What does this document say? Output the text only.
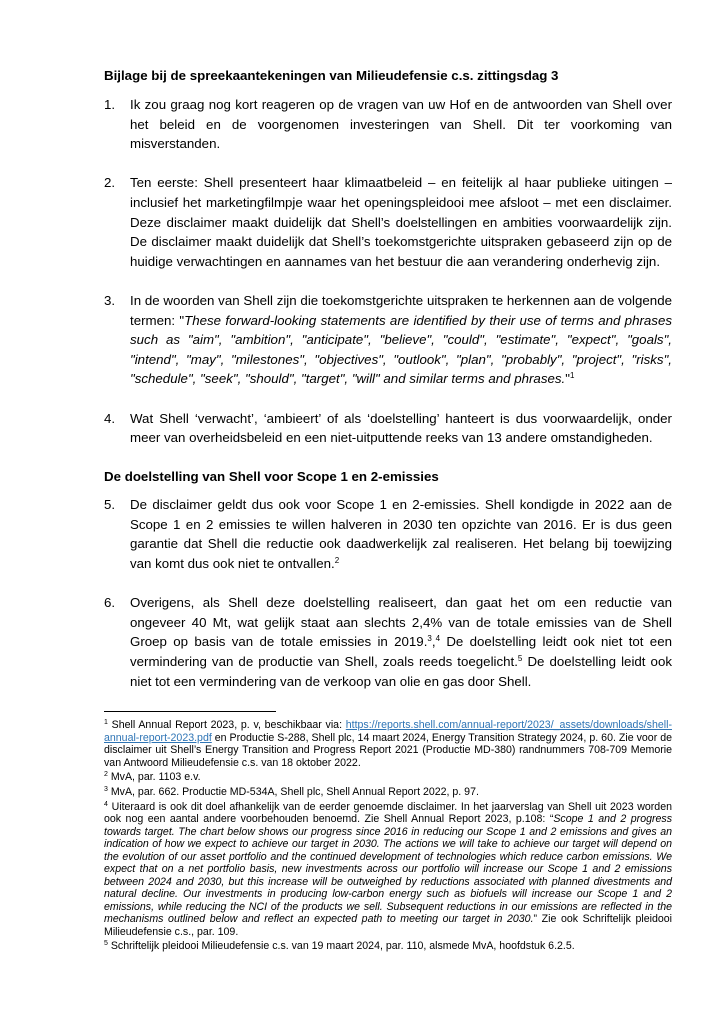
Bijlage bij de spreekaantekeningen van Milieudefensie c.s. zittingsdag 3
1.	Ik zou graag nog kort reageren op de vragen van uw Hof en de antwoorden van Shell over het beleid en de voorgenomen investeringen van Shell. Dit ter voorkoming van misverstanden.
2.	Ten eerste: Shell presenteert haar klimaatbeleid – en feitelijk al haar publieke uitingen – inclusief het marketingfilmpje waar het openingspleidooi mee afsloot – met een disclaimer. Deze disclaimer maakt duidelijk dat Shell’s doelstellingen en ambities voorwaardelijk zijn. De disclaimer maakt duidelijk dat Shell’s toekomstgerichte uitspraken gebaseerd zijn op de huidige verwachtingen en aannames van het bestuur die aan verandering onderhevig zijn.
3.	In de woorden van Shell zijn die toekomstgerichte uitspraken te herkennen aan de volgende termen: "These forward-looking statements are identified by their use of terms and phrases such as "aim", "ambition", "anticipate", "believe", "could", "estimate", "expect", "goals", "intend", "may", "milestones", "objectives", "outlook", "plan", "probably", "project", "risks", "schedule", "seek", "should", "target", "will" and similar terms and phrases."$^1$
4.	Wat Shell ‘verwacht’, ‘ambieert’ of als ‘doelstelling’ hanteert is dus voorwaardelijk, onder meer van overheidsbeleid en een niet-uitputtende reeks van 13 andere omstandigheden.
De doelstelling van Shell voor Scope 1 en 2-emissies
5.	De disclaimer geldt dus ook voor Scope 1 en 2-emissies. Shell kondigde in 2022 aan de Scope 1 en 2 emissies te willen halveren in 2030 ten opzichte van 2016. Er is dus geen garantie dat Shell die reductie ook daadwerkelijk zal realiseren. Het belang bij toewijzing van komt dus ook niet te ontvallen.$^2$
6.	Overigens, als Shell deze doelstelling realiseert, dan gaat het om een reductie van ongeveer 40 Mt, wat gelijk staat aan slechts 2,4% van de totale emissies van de Shell Groep op basis van de totale emissies in 2019.$^3$,$^4$ De doelstelling leidt ook niet tot een vermindering van de productie van Shell, zoals reeds toegelicht.$^5$ De doelstelling leidt ook niet tot een vermindering van de verkoop van olie en gas door Shell.
$^1$ Shell Annual Report 2023, p. v, beschikbaar via: https://reports.shell.com/annual-report/2023/_assets/downloads/shell-annual-report-2023.pdf en Productie S-288, Shell plc, 14 maart 2024, Energy Transition Strategy 2024, p. 60. Zie voor de disclaimer uit Shell’s Energy Transition and Progress Report 2021 (Productie MD-380) randnummers 708-709 Memorie van Antwoord Milieudefensie c.s. van 18 oktober 2022.
$^2$ MvA, par. 1103 e.v.
$^3$ MvA, par. 662. Productie MD-534A, Shell plc, Shell Annual Report 2022, p. 97.
$^4$ Uiteraard is ook dit doel afhankelijk van de eerder genoemde disclaimer. In het jaarverslag van Shell uit 2023 worden ook nog een aantal andere voorbehouden benoemd. Zie Shell Annual Report 2023, p.108: “Scope 1 and 2 progress towards target. The chart below shows our progress since 2016 in reducing our Scope 1 and 2 emissions and gives an indication of how we expect to achieve our target in 2030. The actions we will take to achieve our target will depend on the evolution of our asset portfolio and the continued development of technologies which reduce carbon emissions. We expect that on a net portfolio basis, new investments across our portfolio will increase our Scope 1 and 2 emissions between 2024 and 2030, but this increase will be outweighed by reductions associated with planned divestments and natural decline. Our investments in producing low-carbon energy such as biofuels will increase our Scope 1 and 2 emissions, while reducing the NCI of the products we sell. Subsequent reductions in our emissions are reflected in the mechanisms outlined below and reflect an expected path to meeting our target in 2030.” Zie ook Schriftelijk pleidooi Milieudefensie c.s., par. 109.
$^5$ Schriftelijk pleidooi Milieudefensie c.s. van 19 maart 2024, par. 110, alsmede MvA, hoofdstuk 6.2.5.
